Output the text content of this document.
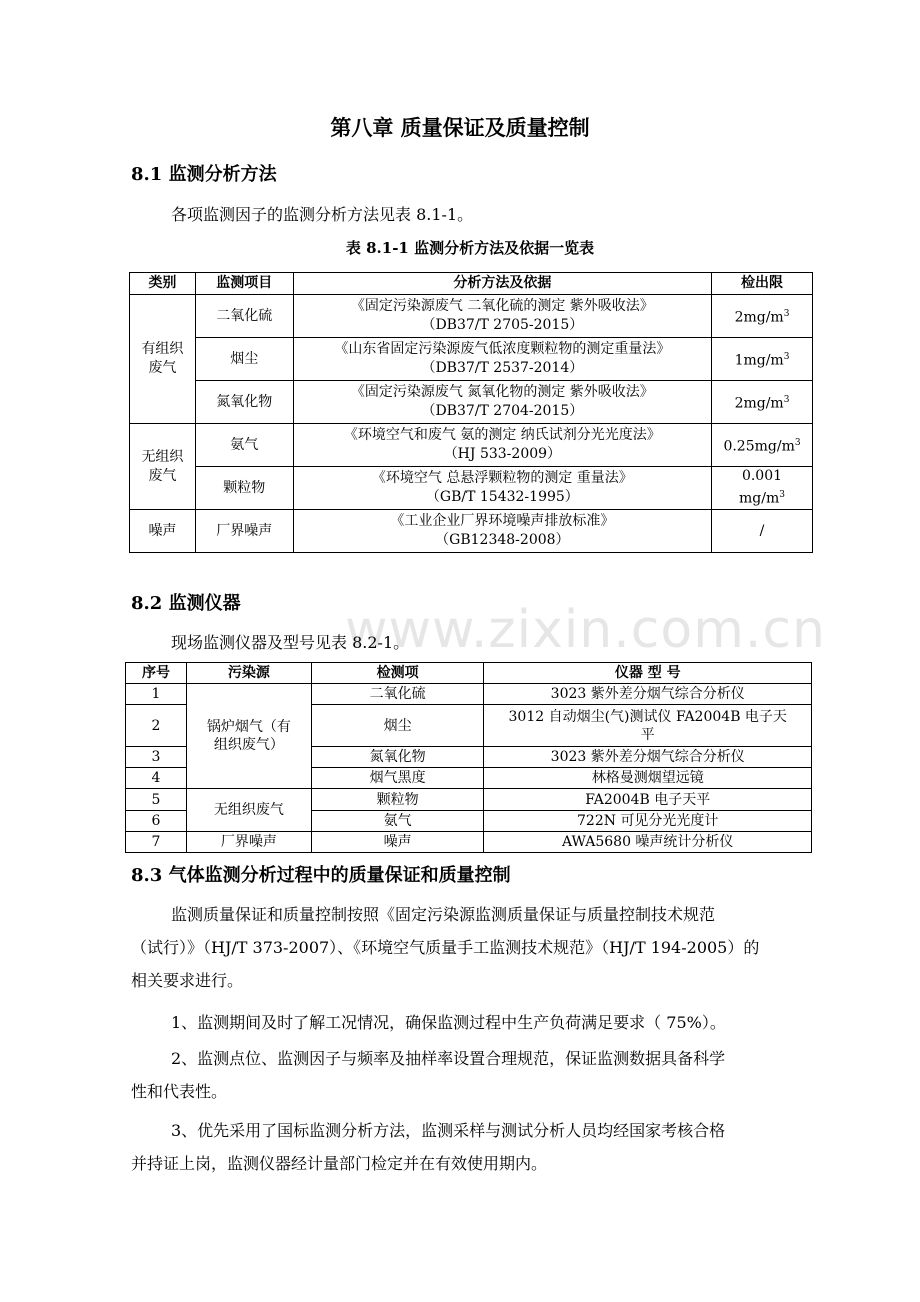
www.zixin.com.cn
第八章 质量保证及质量控制
8.1 监测分析方法
各项监测因子的监测分析方法见表 8.1-1。
表 8.1-1 监测分析方法及依据一览表
类别	监测项目	分析方法及依据	检出限

有组织
废气	二氧化硫	《固定污染源废气 二氧化硫的测定 紫外吸收法》
（DB37/T 2705-2015）	$2mg/m^3$
	烟尘	《山东省固定污染源废气低浓度颗粒物的测定重量法》
（DB37/T 2537-2014）	$1mg/m^3$
	氮氧化物	《固定污染源废气 氮氧化物的测定 紫外吸收法》
（DB37/T 2704-2015）	$2mg/m^3$

无组织
废气	氨气	《环境空气和废气 氨的测定 纳氏试剂分光光度法》
（HJ 533-2009）	$0.25mg/m^3$
	颗粒物	《环境空气 总悬浮颗粒物的测定 重量法》
（GB/T 15432-1995）	0.001
$mg/m^3$

噪声	厂界噪声	《工业企业厂界环境噪声排放标准》
（GB12348-2008）	/
8.2 监测仪器
现场监测仪器及型号见表 8.2-1。
序号	污染源	检测项	仪器 型 号
1	锅炉烟气（有
组织废气）	二氧化硫	3023 紫外差分烟气综合分析仪
2		烟尘	3012 自动烟尘(气)测试仪 FA2004B 电子天
平

3		氮氧化物	3023 紫外差分烟气综合分析仪
4		烟气黑度	林格曼测烟望远镜
5	无组织废气	颗粒物	FA2004B 电子天平
6		氨气	722N 可见分光光度计
7	厂界噪声	噪声	AWA5680 噪声统计分析仪
8.3 气体监测分析过程中的质量保证和质量控制
监测质量保证和质量控制按照《固定污染源监测质量保证与质量控制技术规范
（试行）》（HJ/T 373-2007）、《环境空气质量手工监测技术规范》（HJ/T 194-2005）的
相关要求进行。
1、监测期间及时了解工况情况，确保监测过程中生产负荷满足要求（ 75%）。
2、监测点位、监测因子与频率及抽样率设置合理规范，保证监测数据具备科学
性和代表性。
3、优先采用了国标监测分析方法，监测采样与测试分析人员均经国家考核合格
并持证上岗，监测仪器经计量部门检定并在有效使用期内。
